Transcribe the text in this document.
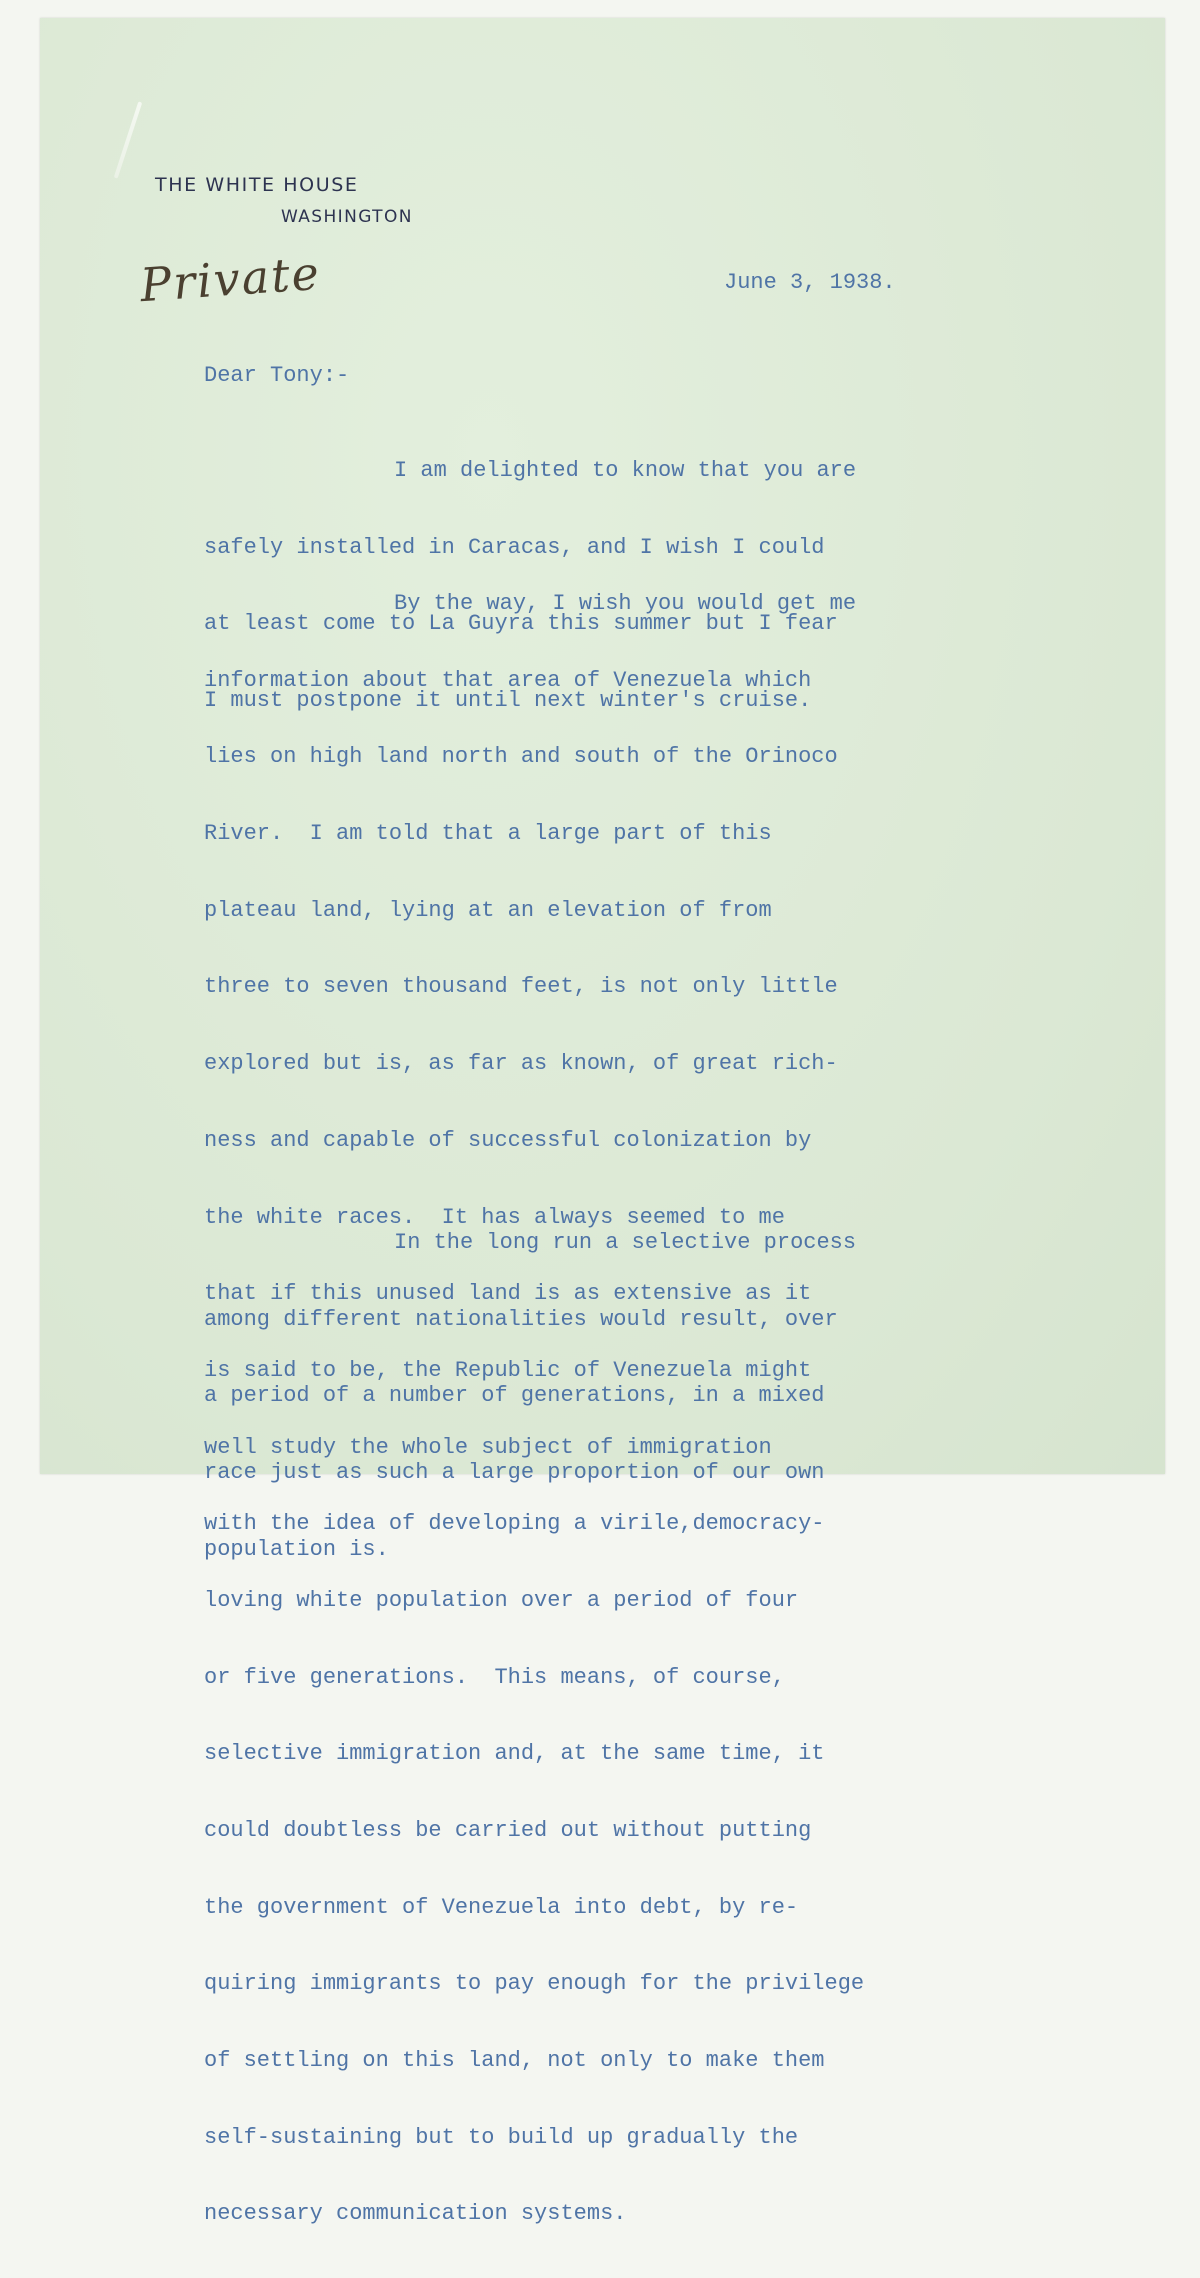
THE WHITE HOUSE
WASHINGTON
Private	June 3, 1938.
Dear Tony:-

I am delighted to know that you are

safely installed in Caracas, and I wish I could

at least come to La Guyra this summer but I fear

I must postpone it until next winter's cruise.

By the way, I wish you would get me

information about that area of Venezuela which

lies on high land north and south of the Orinoco

River.  I am told that a large part of this

plateau land, lying at an elevation of from

three to seven thousand feet, is not only little

explored but is, as far as known, of great rich-

ness and capable of successful colonization by

the white races.  It has always seemed to me

that if this unused land is as extensive as it

is said to be, the Republic of Venezuela might

well study the whole subject of immigration

with the idea of developing a virile,democracy-

loving white population over a period of four

or five generations.  This means, of course,

selective immigration and, at the same time, it

could doubtless be carried out without putting

the government of Venezuela into debt, by re-

quiring immigrants to pay enough for the privilege

of settling on this land, not only to make them

self-sustaining but to build up gradually the

necessary communication systems.

In the long run a selective process

among different nationalities would result, over

a period of a number of generations, in a mixed

race just as such a large proportion of our own

population is.
